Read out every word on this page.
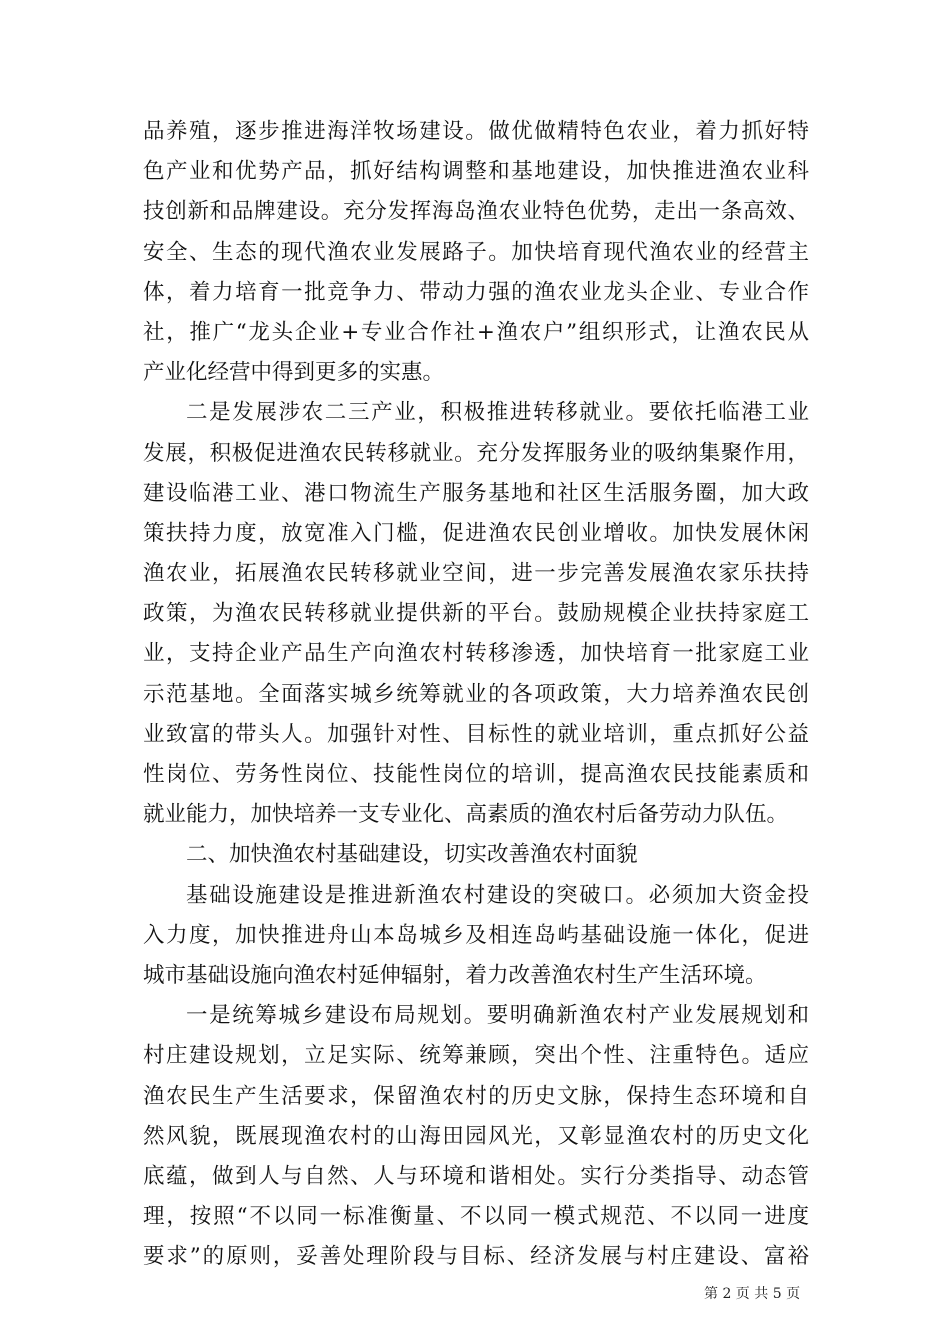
品养殖，逐步推进海洋牧场建设。做优做精特色农业，着力抓好特
色产业和优势产品，抓好结构调整和基地建设，加快推进渔农业科
技创新和品牌建设。充分发挥海岛渔农业特色优势，走出一条高效、
安全、生态的现代渔农业发展路子。加快培育现代渔农业的经营主
体，着力培育一批竞争力、带动力强的渔农业龙头企业、专业合作
社，推广“龙头企业+专业合作社+渔农户”组织形式，让渔农民从
产业化经营中得到更多的实惠。
二是发展涉农二三产业，积极推进转移就业。要依托临港工业
发展，积极促进渔农民转移就业。充分发挥服务业的吸纳集聚作用，
建设临港工业、港口物流生产服务基地和社区生活服务圈，加大政
策扶持力度，放宽准入门槛，促进渔农民创业增收。加快发展休闲
渔农业，拓展渔农民转移就业空间，进一步完善发展渔农家乐扶持
政策，为渔农民转移就业提供新的平台。鼓励规模企业扶持家庭工
业，支持企业产品生产向渔农村转移渗透，加快培育一批家庭工业
示范基地。全面落实城乡统筹就业的各项政策，大力培养渔农民创
业致富的带头人。加强针对性、目标性的就业培训，重点抓好公益
性岗位、劳务性岗位、技能性岗位的培训，提高渔农民技能素质和
就业能力，加快培养一支专业化、高素质的渔农村后备劳动力队伍。
二、加快渔农村基础建设，切实改善渔农村面貌
基础设施建设是推进新渔农村建设的突破口。必须加大资金投
入力度，加快推进舟山本岛城乡及相连岛屿基础设施一体化，促进
城市基础设施向渔农村延伸辐射，着力改善渔农村生产生活环境。
一是统筹城乡建设布局规划。要明确新渔农村产业发展规划和
村庄建设规划，立足实际、统筹兼顾，突出个性、注重特色。适应
渔农民生产生活要求，保留渔农村的历史文脉，保持生态环境和自
然风貌，既展现渔农村的山海田园风光，又彰显渔农村的历史文化
底蕴，做到人与自然、人与环境和谐相处。实行分类指导、动态管
理，按照“不以同一标准衡量、不以同一模式规范、不以同一进度
要求”的原则，妥善处理阶段与目标、经济发展与村庄建设、富裕
第 2 页 共 5 页
